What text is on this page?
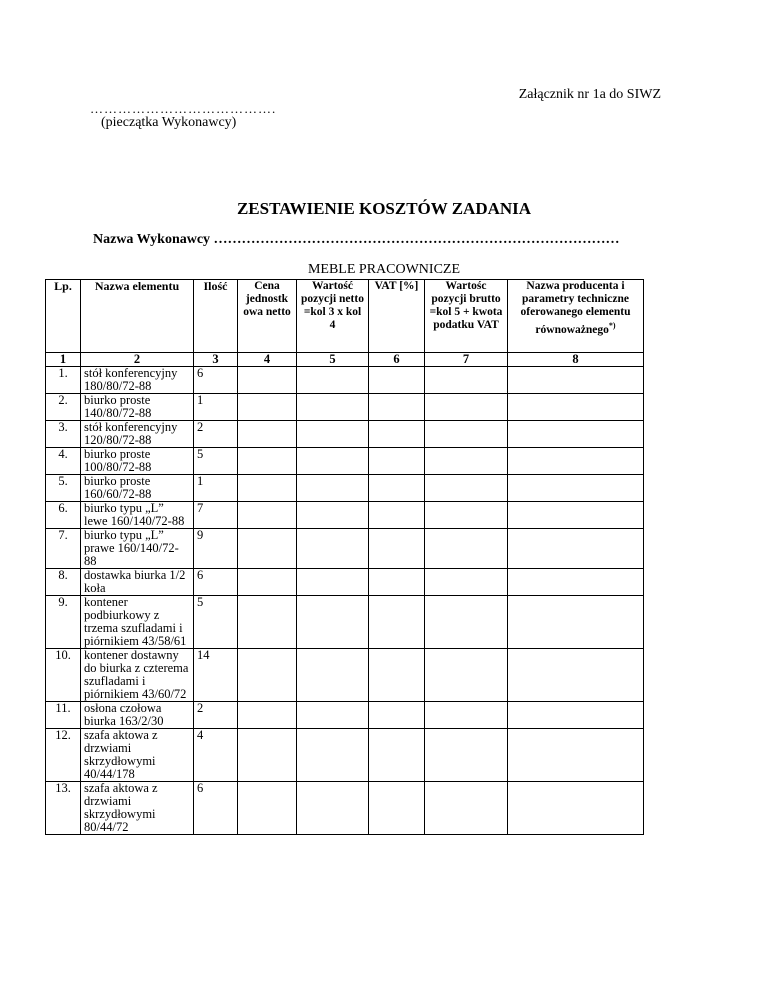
Załącznik nr 1a do SIWZ
………………………………….
(pieczątka Wykonawcy)
ZESTAWIENIE KOSZTÓW ZADANIA
Nazwa Wykonawcy ……………………………………………………………………………
MEBLE PRACOWNICZE
Lp.	Nazwa elementu	Ilość	Cena jednostk owa netto	Wartość pozycji netto =kol 3 x kol 4	VAT [%]	Wartośc pozycji brutto =kol 5 + kwota podatku VAT	Nazwa producenta i parametry techniczne oferowanego elementu równoważnego*)
1	2	3	4	5	6	7	8
1.	stół konferencyjny 180/80/72-88	6					
2.	biurko proste 140/80/72-88	1					
3.	stół konferencyjny 120/80/72-88	2					
4.	biurko proste 100/80/72-88	5					
5.	biurko proste 160/60/72-88	1					
6.	biurko typu „L” lewe 160/140/72-88	7					
7.	biurko typu „L” prawe 160/140/72-88	9					
8.	dostawka biurka 1/2 koła	6					
9.	kontener podbiurkowy z trzema szufladami i piórnikiem 43/58/61	5					
10.	kontener dostawny do biurka z czterema szufladami i piórnikiem 43/60/72	14					
11.	osłona czołowa biurka 163/2/30	2					
12.	szafa aktowa z drzwiami skrzydłowymi 40/44/178	4					
13.	szafa aktowa z drzwiami skrzydłowymi 80/44/72	6					
